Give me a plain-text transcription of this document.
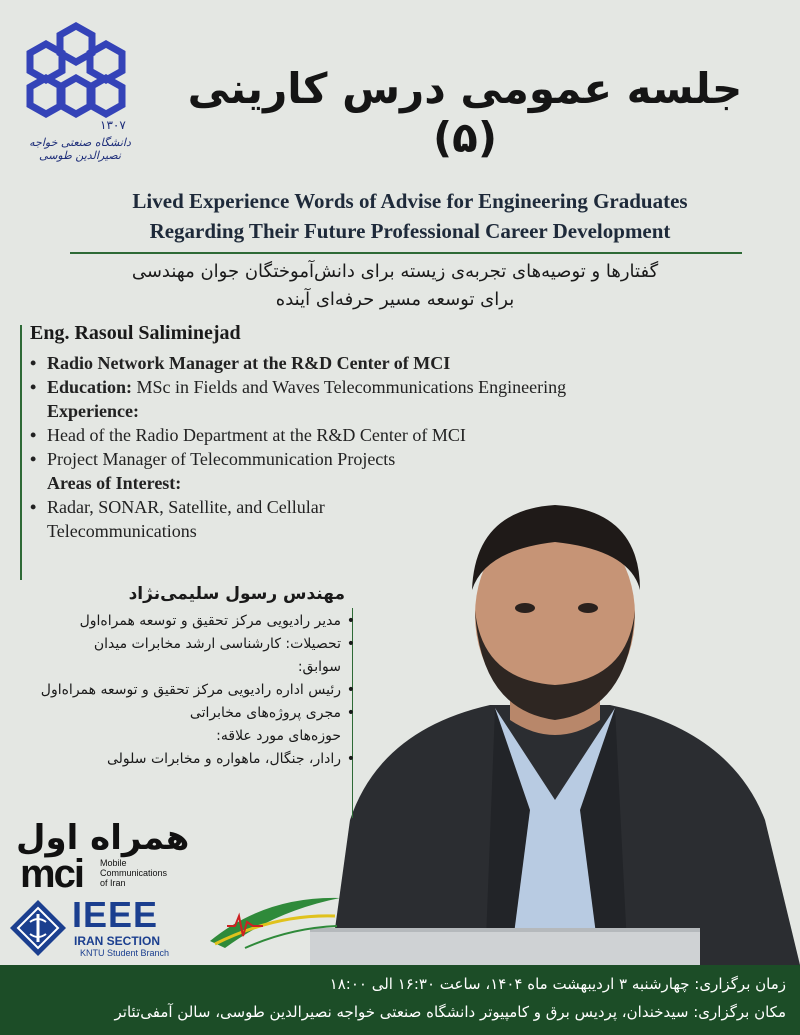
۱۳۰۷
دانشگاه صنعتی خواجه نصیرالدین طوسی
جلسه عمومی درس کارینی (۵)
Lived Experience Words of Advise for Engineering Graduates
Regarding Their Future Professional Career Development
گفتارها و توصیه‌های تجربه‌ی زیسته برای دانش‌آموختگان جوان مهندسی
برای توسعه مسیر حرفه‌ای آینده
Eng. Rasoul Saliminejad
• Radio Network Manager at the R&D Center of MCI
• Education: MSc in Fields and Waves Telecommunications Engineering
Experience:
• Head of the Radio Department at the R&D Center of MCI
• Project Manager of Telecommunication Projects
Areas of Interest:
• Radar, SONAR, Satellite, and Cellular
Telecommunications
مهندس رسول سلیمی‌نژاد
• مدیر رادیویی مرکز تحقیق و توسعه همراه‌اول
• تحصیلات: کارشناسی ارشد مخابرات میدان
سوابق:
• رئیس اداره رادیویی مرکز تحقیق و توسعه همراه‌اول
• مجری پروژه‌های مخابراتی
حوزه‌های مورد علاقه:
• رادار، جنگال، ماهواره و مخابرات سلولی
همراه اول
mci Mobile
Communications
of Iran
IEEE
IRAN SECTION
KNTU Student Branch
زمان برگزاری: چهارشنبه ۳ اردیبهشت ماه ۱۴۰۴، ساعت ۱۶:۳۰ الی ۱۸:۰۰
مکان برگزاری: سیدخندان، پردیس برق و کامپیوتر دانشگاه صنعتی خواجه نصیرالدین طوسی، سالن آمفی‌تئاتر
